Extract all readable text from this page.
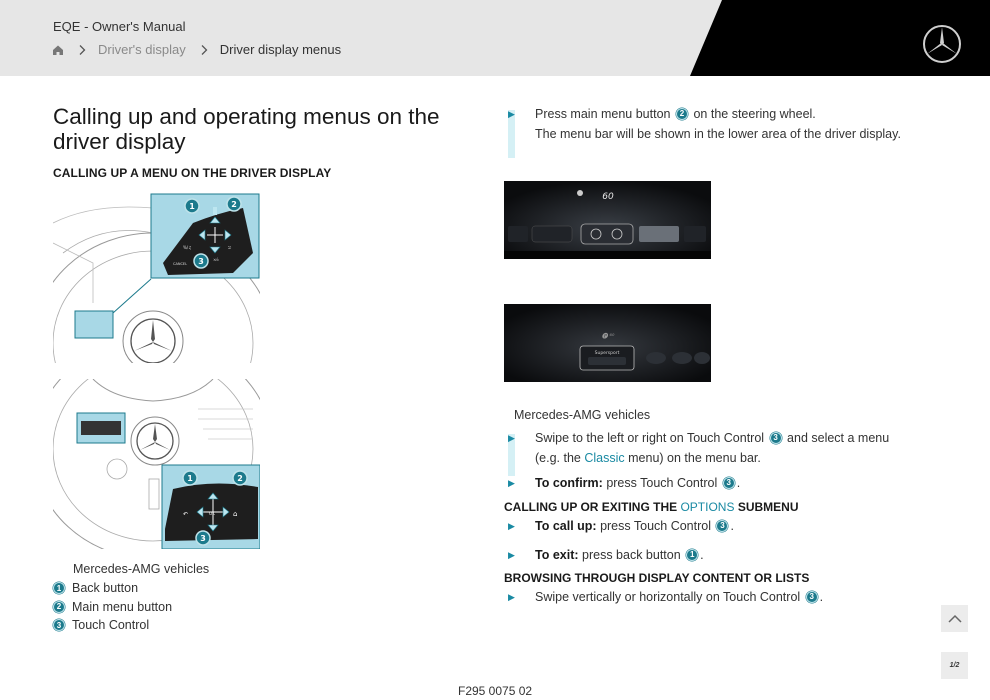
EQE - Owner's Manual
Driver's display	Driver display menus
Calling up and operating menus on the driver display
CALLING UP A MENU ON THE DRIVER DISPLAY
%/♫
CANCEL
⨯⁄₀
⎋
1	2
3
↶	⌂
OK
1	2
3
Mercedes-AMG vehicles
1 Back button
2 Main menu button
3 Touch Control
▶ Press main menu button 2 on the steering wheel.
The menu bar will be shown in the lower area of the driver display.
60
🅟 ⁶⁰
Supersport
Mercedes-AMG vehicles
▶ Swipe to the left or right on Touch Control 3 and select a menu (e.g. the Classic menu) on the menu bar.
▶ To confirm: press Touch Control 3 .
CALLING UP OR EXITING THE OPTIONS SUBMENU
▶ To call up: press Touch Control 3 .
▶ To exit: press back button 1 .
BROWSING THROUGH DISPLAY CONTENT OR LISTS
▶ Swipe vertically or horizontally on Touch Control 3 .
1/2
F295 0075 02
